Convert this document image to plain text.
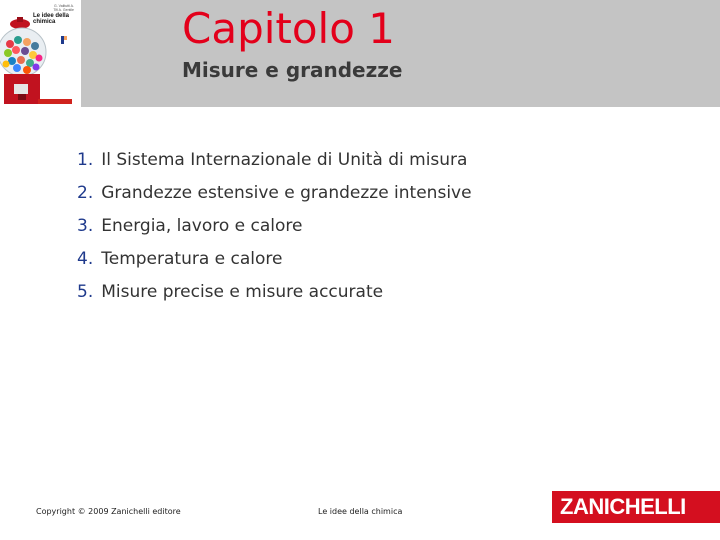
G. Valitutti A. Tifi A. Gentile
Le idee della chimica	Capitolo 1
Misure e grandezze
1. Il Sistema Internazionale di Unità di misura
2. Grandezze estensive e grandezze intensive
3. Energia, lavoro e calore
4. Temperatura e calore
5. Misure precise e misure accurate
Copyright © 2009 Zanichelli editore	Le idee della chimica	ZANICHELLI
